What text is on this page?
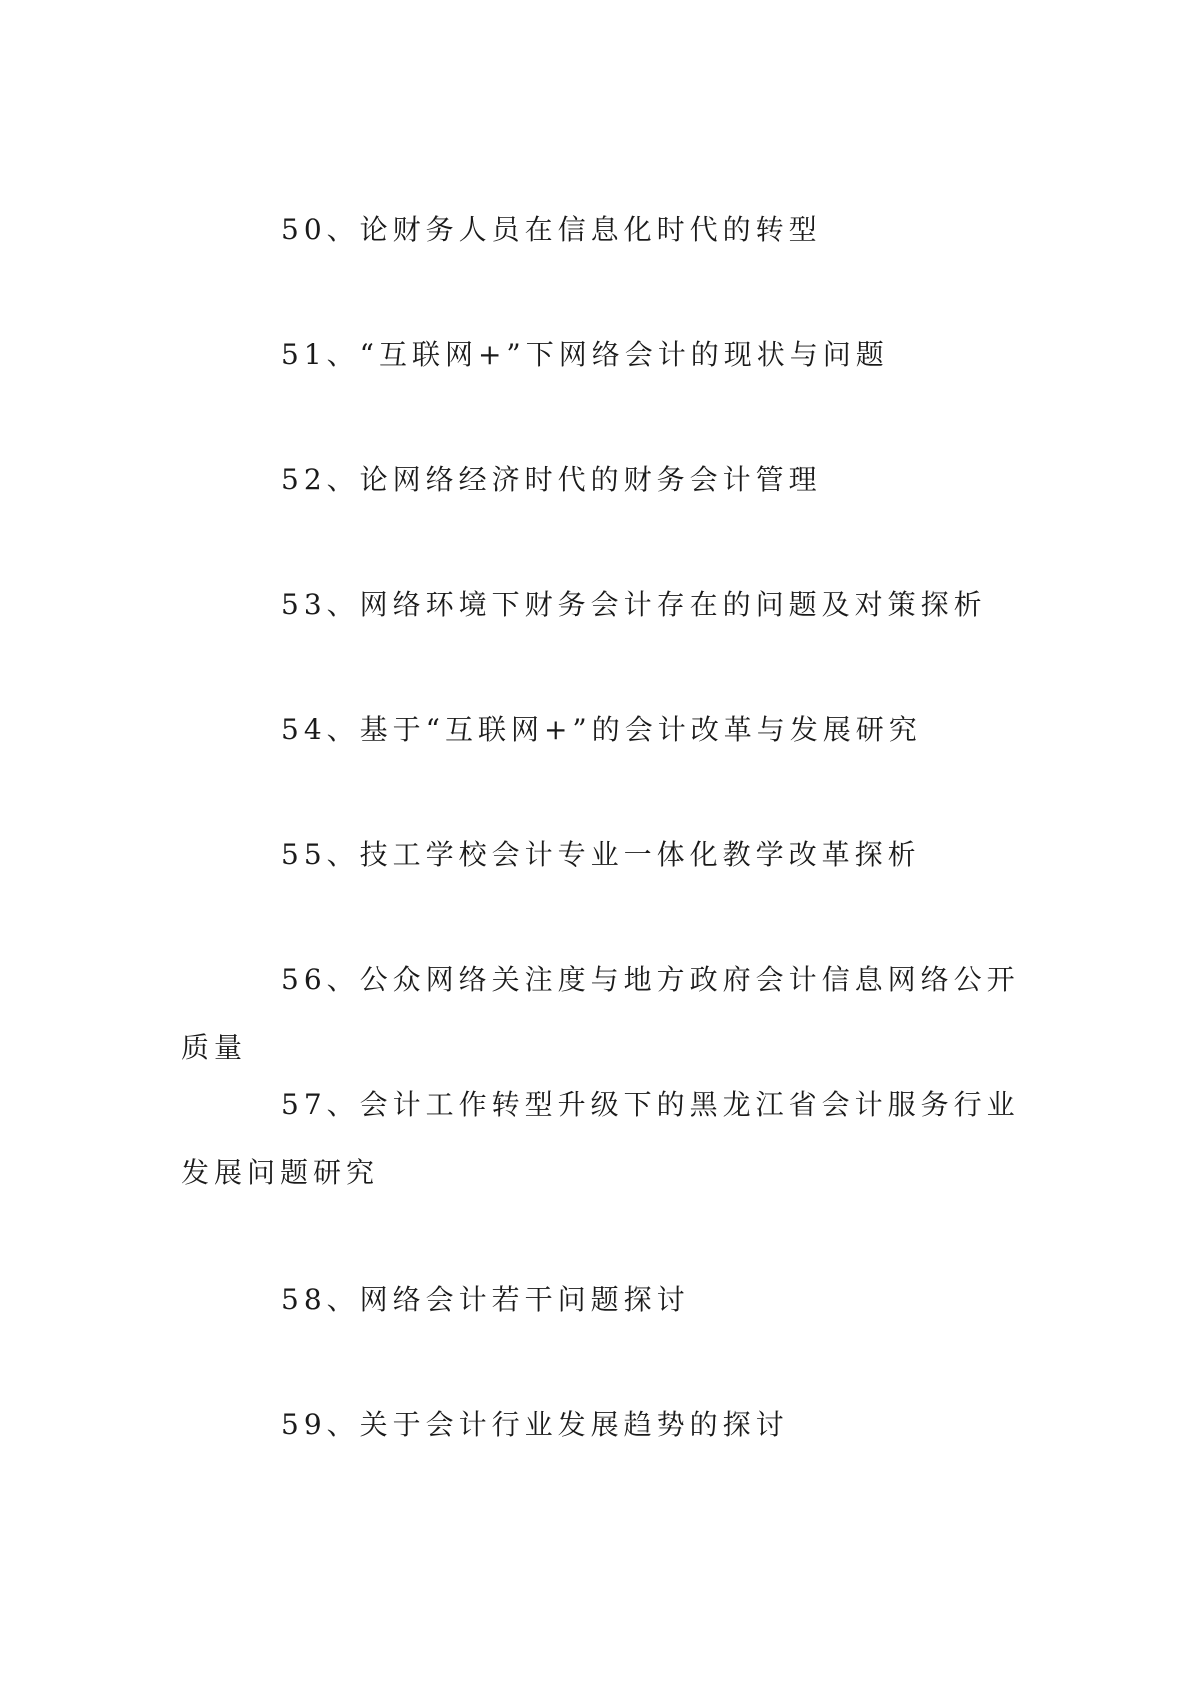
50、论财务人员在信息化时代的转型

51、“互联网+”下网络会计的现状与问题

52、论网络经济时代的财务会计管理

53、网络环境下财务会计存在的问题及对策探析

54、基于“互联网+”的会计改革与发展研究

55、技工学校会计专业一体化教学改革探析

56、公众网络关注度与地方政府会计信息网络公开质量

57、会计工作转型升级下的黑龙江省会计服务行业发展问题研究

58、网络会计若干问题探讨

59、关于会计行业发展趋势的探讨
